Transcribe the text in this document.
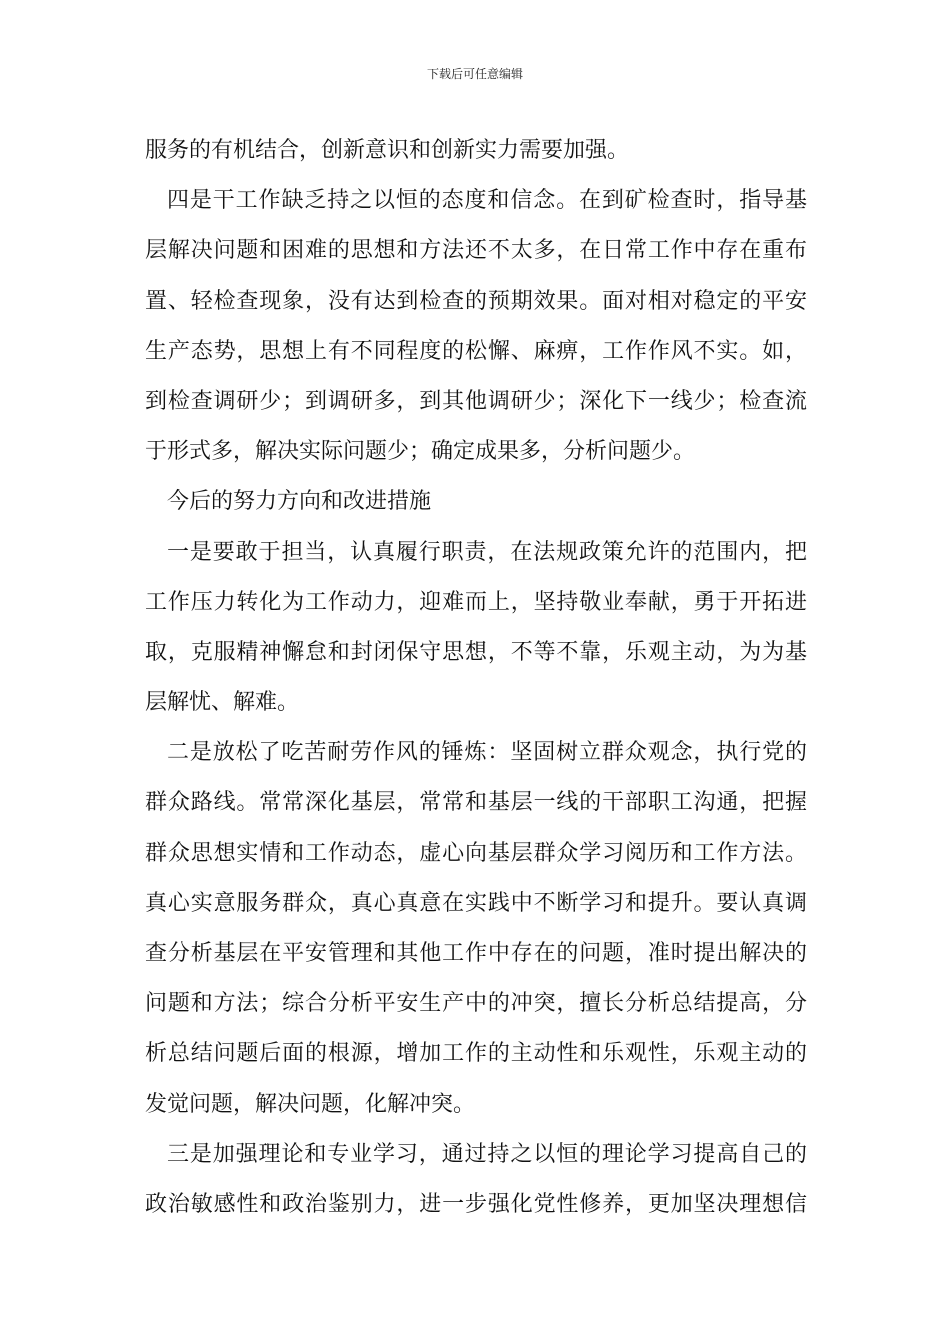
下载后可任意编辑
服务的有机结合，创新意识和创新实力需要加强。
四是干工作缺乏持之以恒的态度和信念。在到矿检查时，指导基
层解决问题和困难的思想和方法还不太多，在日常工作中存在重布
置、轻检查现象，没有达到检查的预期效果。面对相对稳定的平安
生产态势，思想上有不同程度的松懈、麻痹，工作作风不实。如，
到检查调研少；到调研多，到其他调研少；深化下一线少；检查流
于形式多，解决实际问题少；确定成果多，分析问题少。
今后的努力方向和改进措施
一是要敢于担当，认真履行职责，在法规政策允许的范围内，把
工作压力转化为工作动力，迎难而上，坚持敬业奉献，勇于开拓进
取，克服精神懈怠和封闭保守思想，不等不靠，乐观主动，为为基
层解忧、解难。
二是放松了吃苦耐劳作风的锤炼：坚固树立群众观念，执行党的
群众路线。常常深化基层，常常和基层一线的干部职工沟通，把握
群众思想实情和工作动态，虚心向基层群众学习阅历和工作方法。
真心实意服务群众，真心真意在实践中不断学习和提升。要认真调
查分析基层在平安管理和其他工作中存在的问题，准时提出解决的
问题和方法；综合分析平安生产中的冲突，擅长分析总结提高，分
析总结问题后面的根源，增加工作的主动性和乐观性，乐观主动的
发觉问题，解决问题，化解冲突。
三是加强理论和专业学习，通过持之以恒的理论学习提高自己的
政治敏感性和政治鉴别力，进一步强化党性修养，更加坚决理想信
